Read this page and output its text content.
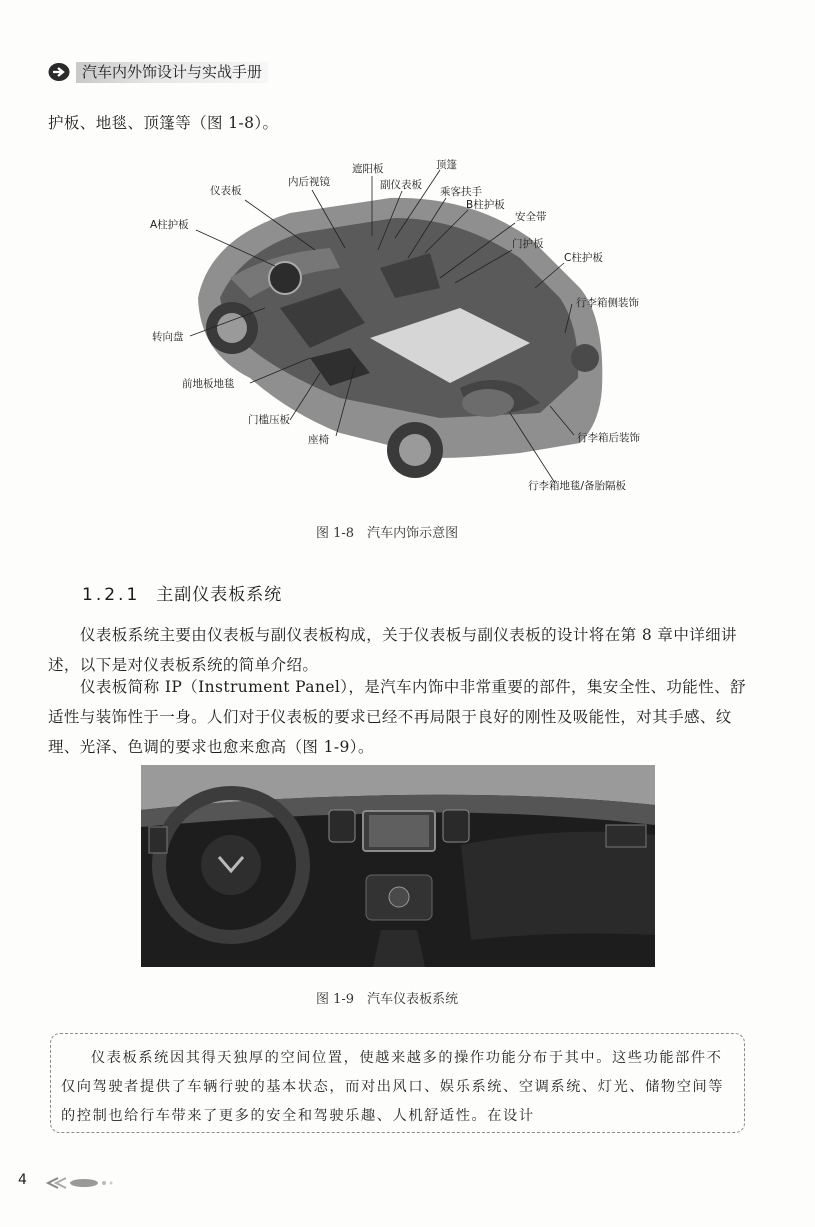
汽车内外饰设计与实战手册
护板、地毯、顶篷等（图 1-8）。
仪表板
内后视镜
遮阳板	顶篷
副仪表板
乘客扶手
B柱护板
安全带
门护板
A柱护板
C柱护板
行李箱侧装饰
转向盘
前地板地毯
门槛压板
座椅	行李箱后装饰
行李箱地毯/备胎隔板
图 1-8　汽车内饰示意图
1.2.1 主副仪表板系统
仪表板系统主要由仪表板与副仪表板构成，关于仪表板与副仪表板的设计将在第 8 章中详细讲述，以下是对仪表板系统的简单介绍。
仪表板简称 IP（Instrument Panel），是汽车内饰中非常重要的部件，集安全性、功能性、舒适性与装饰性于一身。人们对于仪表板的要求已经不再局限于良好的刚性及吸能性，对其手感、纹理、光泽、色调的要求也愈来愈高（图 1-9）。
图 1-9　汽车仪表板系统
仪表板系统因其得天独厚的空间位置，使越来越多的操作功能分布于其中。这些功能部件不仅向驾驶者提供了车辆行驶的基本状态，而对出风口、娱乐系统、空调系统、灯光、储物空间等的控制也给行车带来了更多的安全和驾驶乐趣、人机舒适性。在设计
4
